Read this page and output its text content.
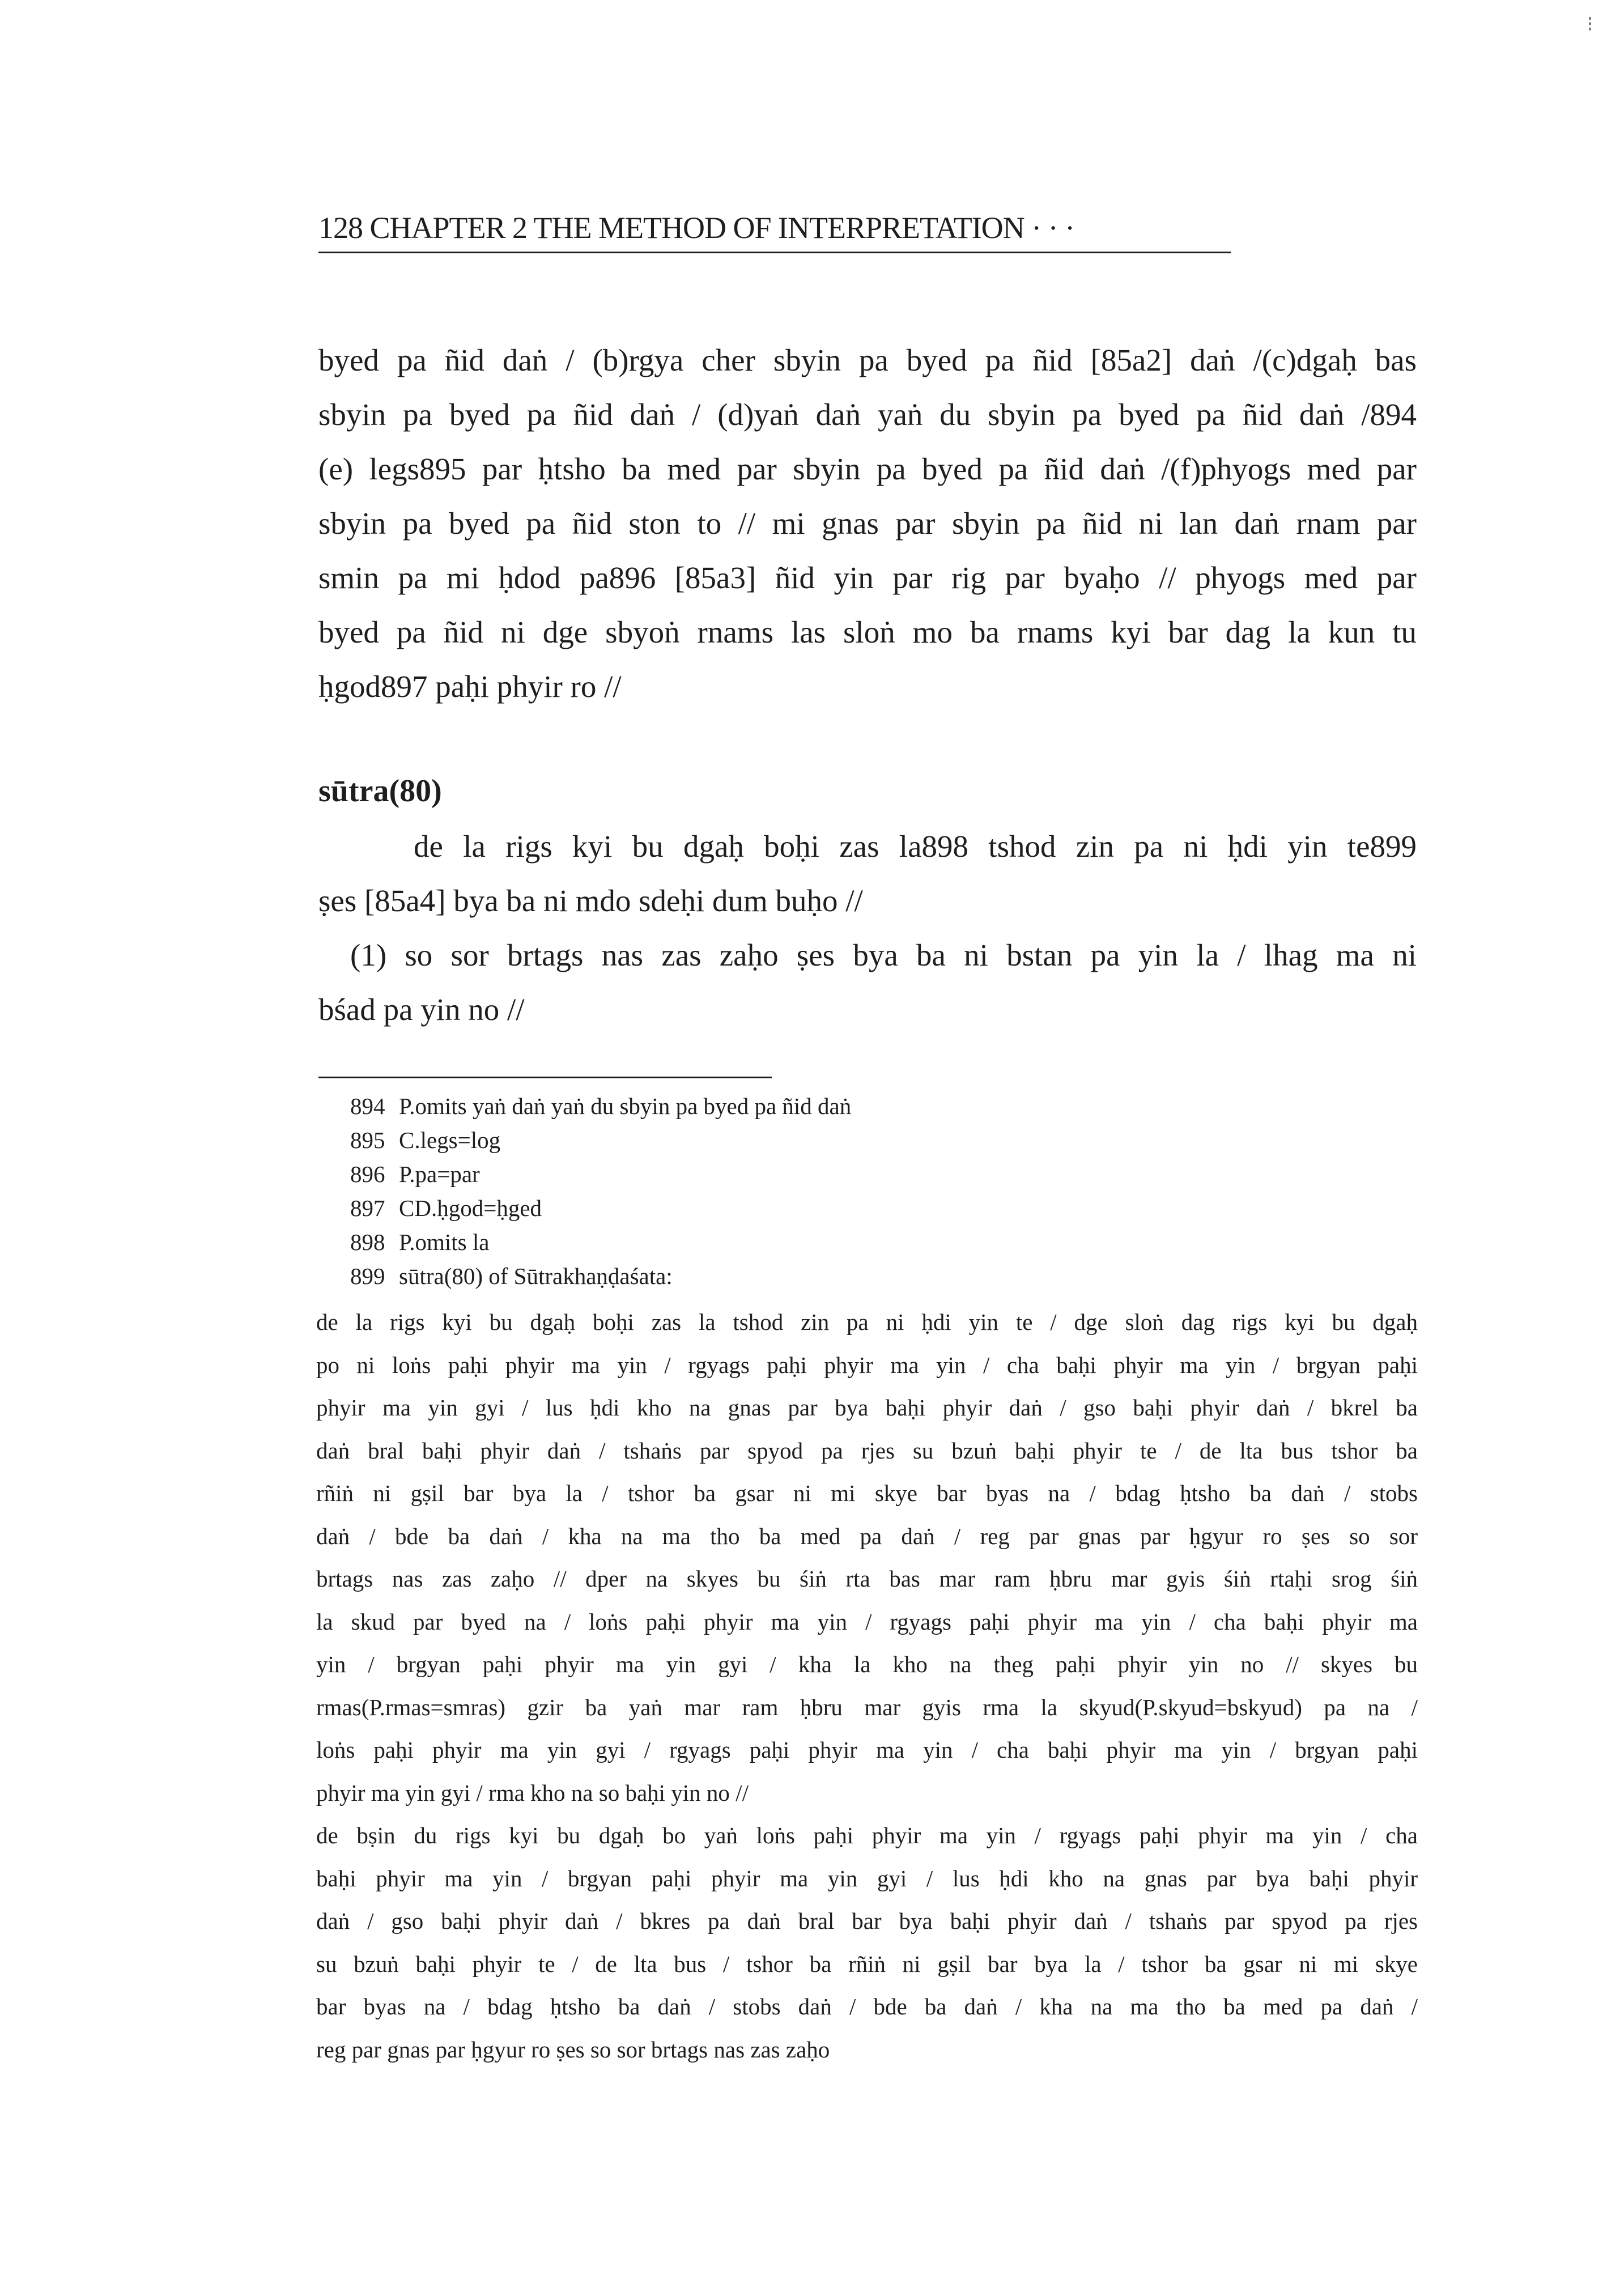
128 CHAPTER 2 THE METHOD OF INTERPRETATION · · ·
byed pa ñid daṅ / (b)rgya cher sbyin pa byed pa ñid [85a2] daṅ /(c)dgaḥ bas
sbyin pa byed pa ñid daṅ / (d)yaṅ daṅ yaṅ du sbyin pa byed pa ñid daṅ /894
(e) legs895 par ḥtsho ba med par sbyin pa byed pa ñid daṅ /(f)phyogs med par
sbyin pa byed pa ñid ston to // mi gnas par sbyin pa ñid ni lan daṅ rnam par
smin pa mi ḥdod pa896 [85a3] ñid yin par rig par byaḥo // phyogs med par
byed pa ñid ni dge sbyoṅ rnams las sloṅ mo ba rnams kyi bar dag la kun tu
ḥgod897 paḥi phyir ro //
sūtra(80)
de la rigs kyi bu dgaḥ boḥi zas la898 tshod zin pa ni ḥdi yin te899
ṣes [85a4] bya ba ni mdo sdeḥi dum buḥo //
(1) so sor brtags nas zas zaḥo ṣes bya ba ni bstan pa yin la / lhag ma ni
bśad pa yin no //
894 P.omits yaṅ daṅ yaṅ du sbyin pa byed pa ñid daṅ
895 C.legs=log
896 P.pa=par
897 CD.ḥgod=ḥged
898 P.omits la
899 sūtra(80) of Sūtrakhaṇḍaśata:
de la rigs kyi bu dgaḥ boḥi zas la tshod zin pa ni ḥdi yin te / dge sloṅ dag rigs kyi bu dgaḥ
po ni loṅs paḥi phyir ma yin / rgyags paḥi phyir ma yin / cha baḥi phyir ma yin / brgyan paḥi
phyir ma yin gyi / lus ḥdi kho na gnas par bya baḥi phyir daṅ / gso baḥi phyir daṅ / bkrel ba
daṅ bral baḥi phyir daṅ / tshaṅs par spyod pa rjes su bzuṅ baḥi phyir te / de lta bus tshor ba
rñiṅ ni gṣil bar bya la / tshor ba gsar ni mi skye bar byas na / bdag ḥtsho ba daṅ / stobs
daṅ / bde ba daṅ / kha na ma tho ba med pa daṅ / reg par gnas par ḥgyur ro ṣes so sor
brtags nas zas zaḥo // dper na skyes bu śiṅ rta bas mar ram ḥbru mar gyis śiṅ rtaḥi srog śiṅ
la skud par byed na / loṅs paḥi phyir ma yin / rgyags paḥi phyir ma yin / cha baḥi phyir ma
yin / brgyan paḥi phyir ma yin gyi / kha la kho na theg paḥi phyir yin no // skyes bu
rmas(P.rmas=smras) gzir ba yaṅ mar ram ḥbru mar gyis rma la skyud(P.skyud=bskyud) pa na /
loṅs paḥi phyir ma yin gyi / rgyags paḥi phyir ma yin / cha baḥi phyir ma yin / brgyan paḥi
phyir ma yin gyi / rma kho na so baḥi yin no //
de bṣin du rigs kyi bu dgaḥ bo yaṅ loṅs paḥi phyir ma yin / rgyags paḥi phyir ma yin / cha
baḥi phyir ma yin / brgyan paḥi phyir ma yin gyi / lus ḥdi kho na gnas par bya baḥi phyir
daṅ / gso baḥi phyir daṅ / bkres pa daṅ bral bar bya baḥi phyir daṅ / tshaṅs par spyod pa rjes
su bzuṅ baḥi phyir te / de lta bus / tshor ba rñiṅ ni gṣil bar bya la / tshor ba gsar ni mi skye
bar byas na / bdag ḥtsho ba daṅ / stobs daṅ / bde ba daṅ / kha na ma tho ba med pa daṅ /
reg par gnas par ḥgyur ro ṣes so sor brtags nas zas zaḥo
⁝
